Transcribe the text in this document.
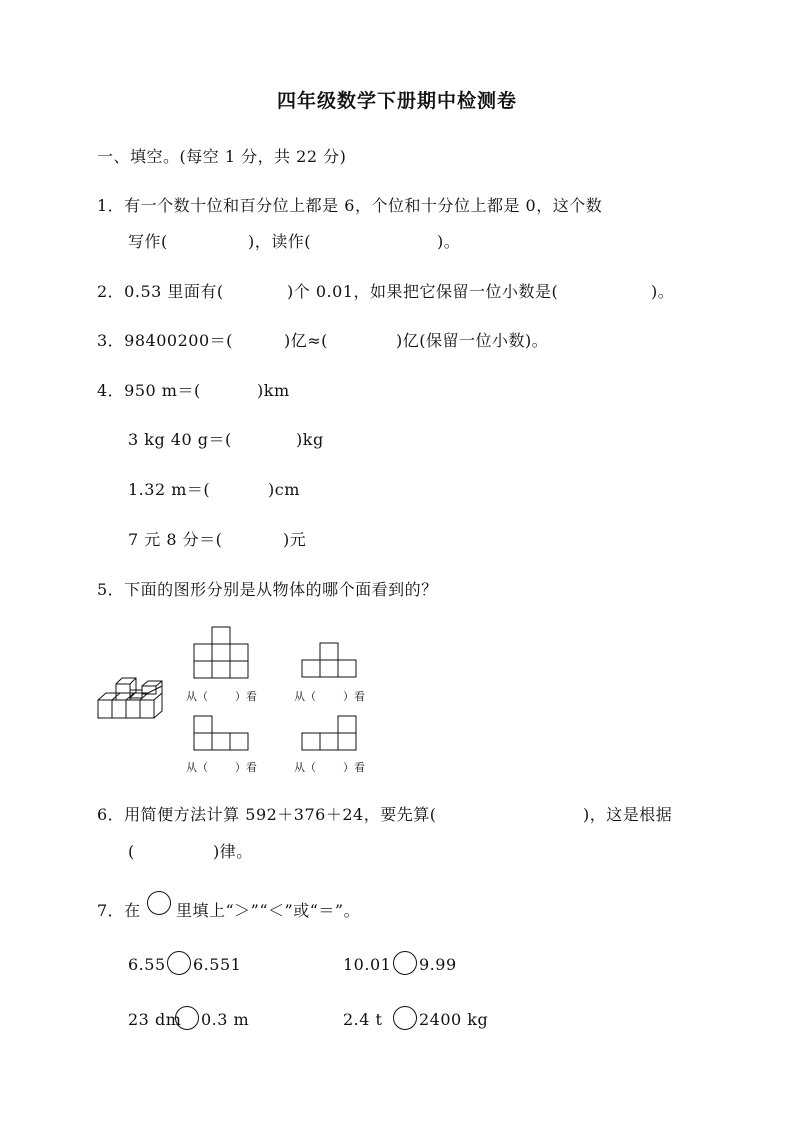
四年级数学下册期中检测卷
一、填空。(每空 1 分，共 22 分)
1．有一个数十位和百分位上都是 6，个位和十分位上都是 0，这个数
写作(	)，读作(	)。
2．0.53 里面有(	)个 0.01，如果把它保留一位小数是(	)。
3．98400200＝(	)亿≈(	)亿(保留一位小数)。
4．950 m＝(	)km
3 kg 40 g＝(	)kg
1.32 m＝(	)cm
7 元 8 分＝(	)元
5．下面的图形分别是从物体的哪个面看到的？
从（ ）看	从（ ）看
从（ ）看	从（ ）看
6．用简便方法计算 592＋376＋24，要先算(	)，这是根据
(	)律。
7．在 里填上“＞”“＜”或“＝”。
6.55 6.551	10.01 9.99
23 dm 0.3 m	2.4 t 2400 kg
